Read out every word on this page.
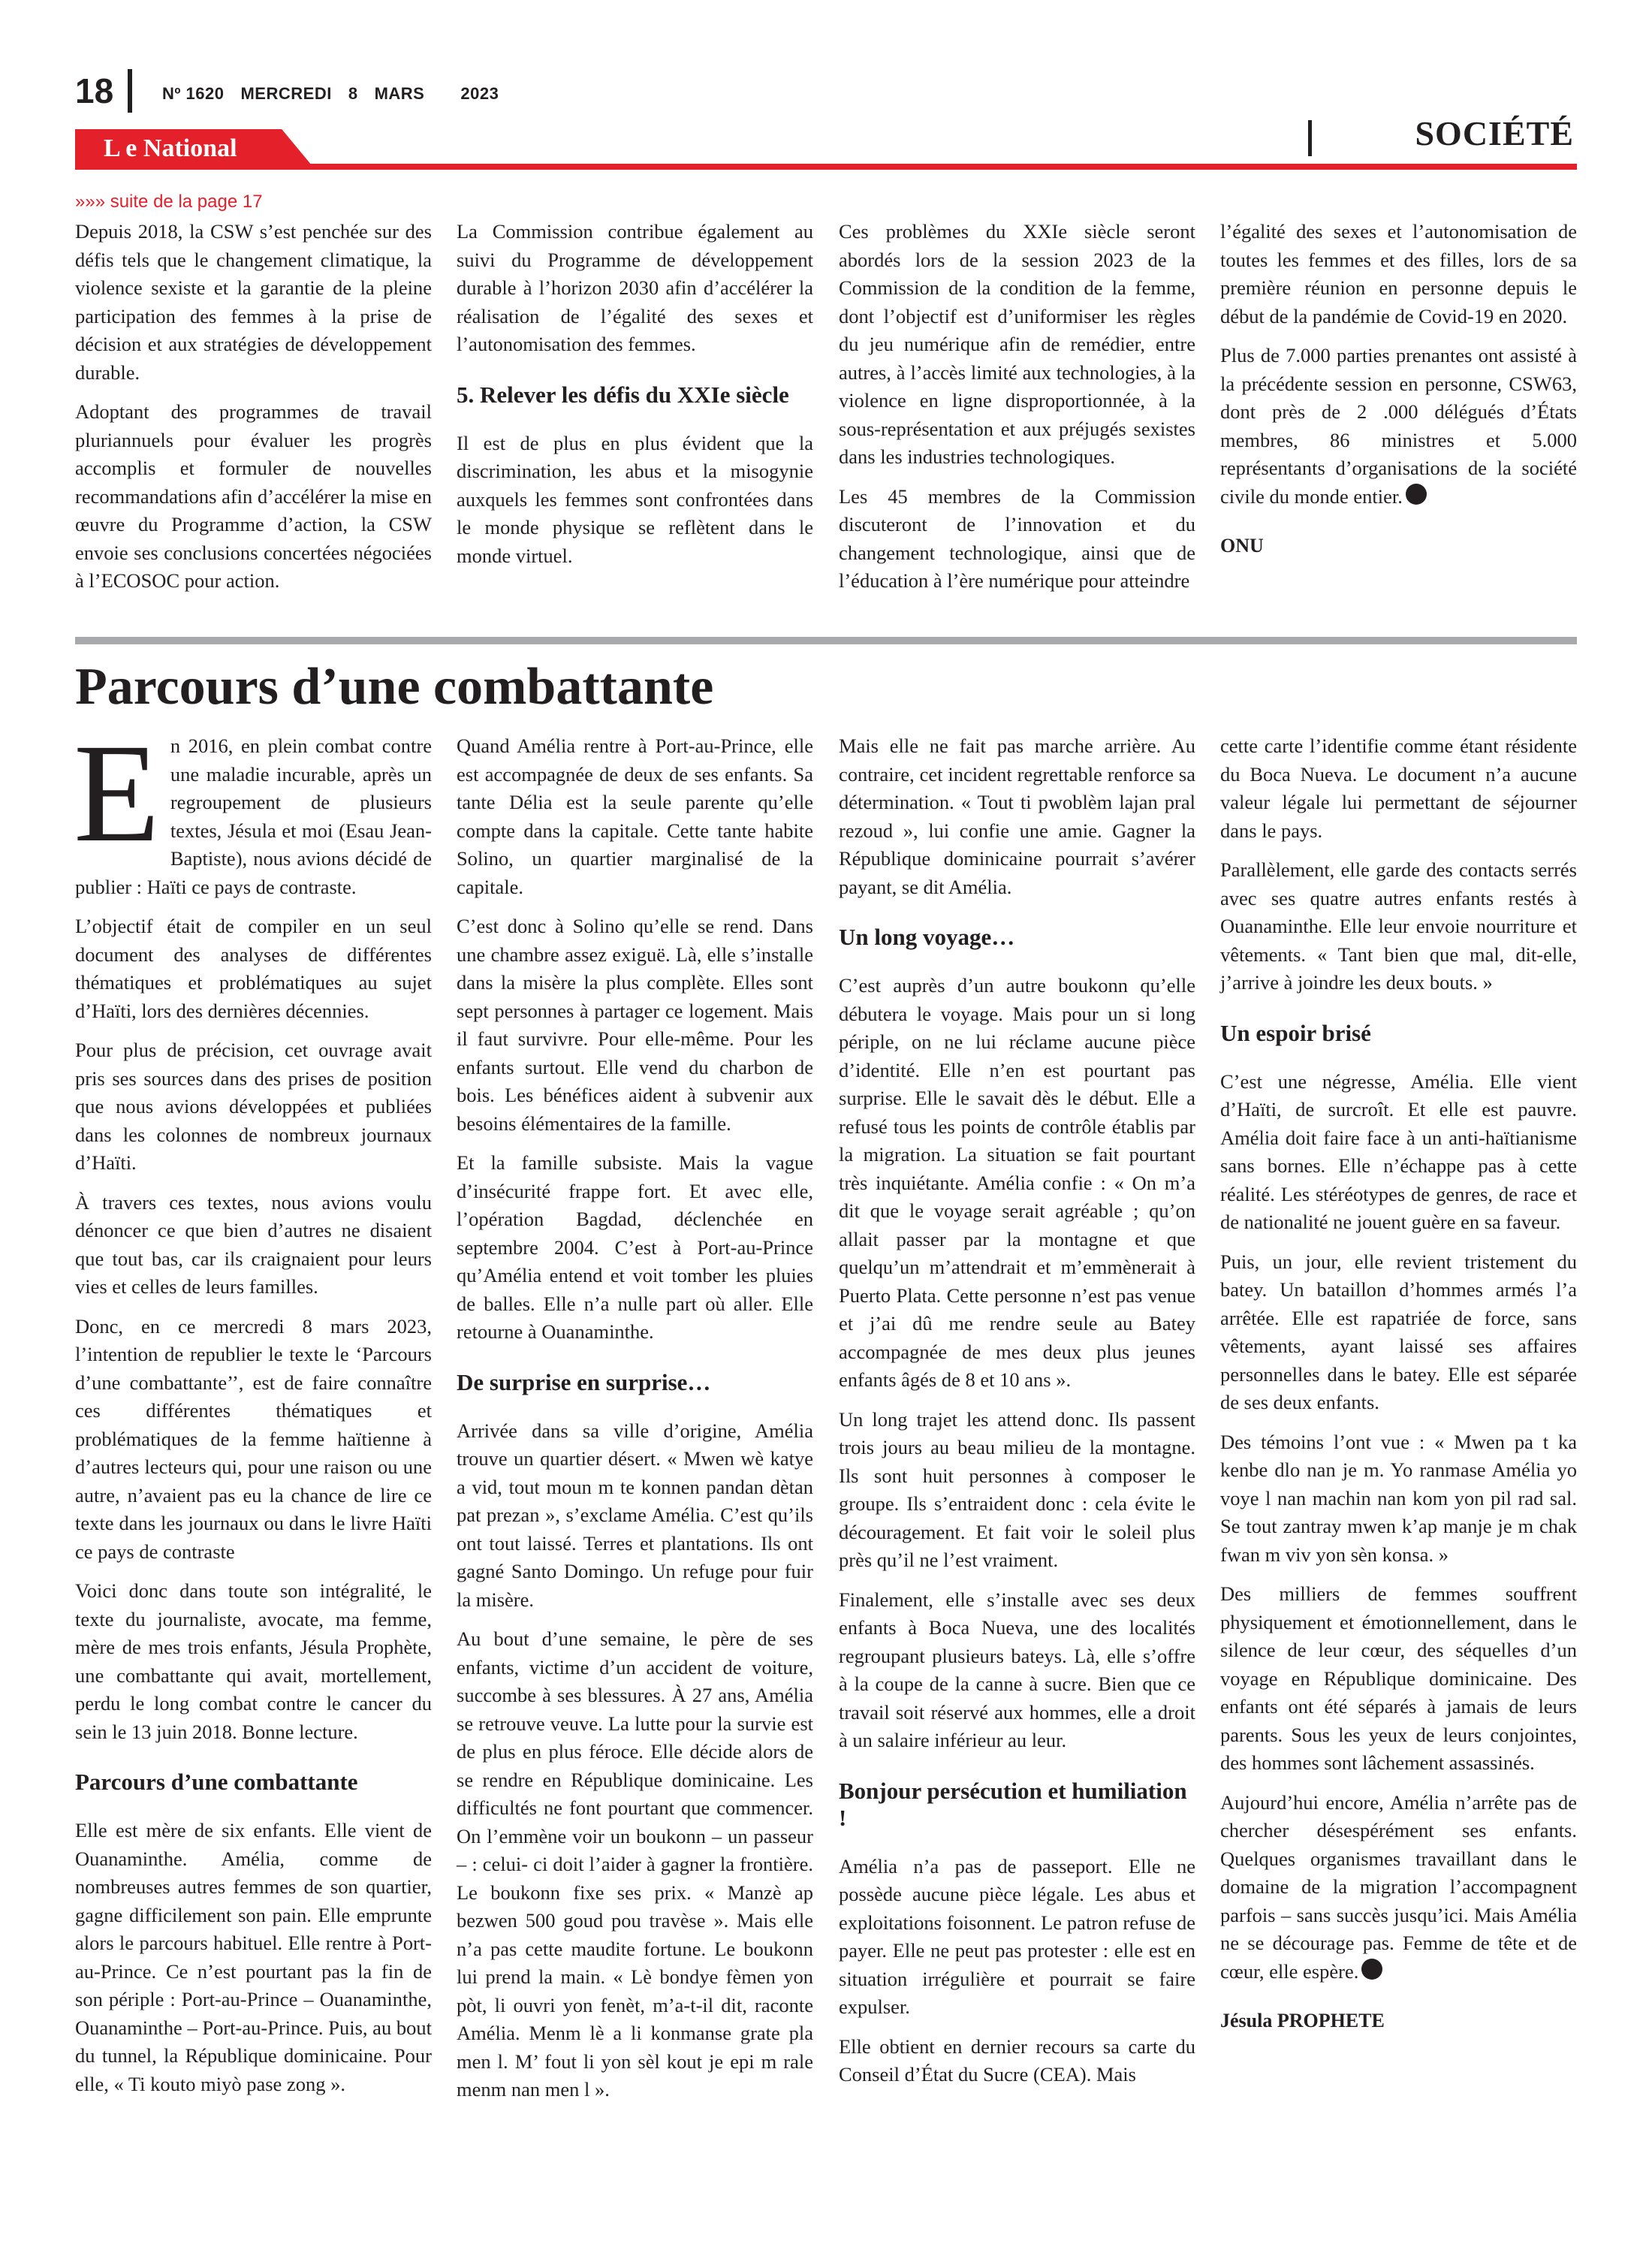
18	Nº 1620 MERCREDI 8 MARS 2023
L e National	SOCIÉTÉ
»»» suite de la page 17

Depuis 2018, la CSW s’est penchée sur des défis tels que le changement climatique, la violence sexiste et la garantie de la pleine participation des femmes à la prise de décision et aux stratégies de développement durable.

Adoptant des programmes de travail pluriannuels pour évaluer les progrès accomplis et formuler de nouvelles recommandations afin d’accélérer la mise en œuvre du Programme d’action, la CSW envoie ses conclusions concertées négociées à l’ECOSOC pour action.

La Commission contribue également au suivi du Programme de développement durable à l’horizon 2030 afin d’accélérer la réalisation de l’égalité des sexes et l’autonomisation des femmes.

5. Relever les défis du XXIe siècle

Il est de plus en plus évident que la discrimination, les abus et la misogynie auxquels les femmes sont confrontées dans le monde physique se reflètent dans le monde virtuel.

Ces problèmes du XXIe siècle seront abordés lors de la session 2023 de la Commission de la condition de la femme, dont l’objectif est d’uniformiser les règles du jeu numérique afin de remédier, entre autres, à l’accès limité aux technologies, à la violence en ligne disproportionnée, à la sous-représentation et aux préjugés sexistes dans les industries technologiques.

Les 45 membres de la Commission discuteront de l’innovation et du changement technologique, ainsi que de l’éducation à l’ère numérique pour atteindre

l’égalité des sexes et l’autonomisation de toutes les femmes et des filles, lors de sa première réunion en personne depuis le début de la pandémie de Covid-19 en 2020.

Plus de 7.000 parties prenantes ont assisté à la précédente session en personne, CSW63, dont près de 2 .000 délégués d’États membres, 86 ministres et 5.000 représentants d’organisations de la société civile du monde entier.

ONU
Parcours d’une combattante

En 2016, en plein combat contre une maladie incurable, après un regroupement de plusieurs textes, Jésula et moi (Esau Jean-Baptiste), nous avions décidé de publier : Haïti ce pays de contraste.

L’objectif était de compiler en un seul document des analyses de différentes thématiques et problématiques au sujet d’Haïti, lors des dernières décennies.

Pour plus de précision, cet ouvrage avait pris ses sources dans des prises de position que nous avions développées et publiées dans les colonnes de nombreux journaux d’Haïti.

À travers ces textes, nous avions voulu dénoncer ce que bien d’autres ne disaient que tout bas, car ils craignaient pour leurs vies et celles de leurs familles.

Donc, en ce mercredi 8 mars 2023, l’intention de republier le texte le ‘Parcours d’une combattante’’, est de faire connaître ces différentes thématiques et problématiques de la femme haïtienne à d’autres lecteurs qui, pour une raison ou une autre, n’avaient pas eu la chance de lire ce texte dans les journaux ou dans le livre Haïti ce pays de contraste

Voici donc dans toute son intégralité, le texte du journaliste, avocate, ma femme, mère de mes trois enfants, Jésula Prophète, une combattante qui avait, mortellement, perdu le long combat contre le cancer du sein le 13 juin 2018. Bonne lecture.

Parcours d’une combattante

Elle est mère de six enfants. Elle vient de Ouanaminthe. Amélia, comme de nombreuses autres femmes de son quartier, gagne difficilement son pain. Elle emprunte alors le parcours habituel. Elle rentre à Port-au-Prince. Ce n’est pourtant pas la fin de son périple : Port-au-Prince – Ouanaminthe, Ouanaminthe – Port-au-Prince. Puis, au bout du tunnel, la République dominicaine. Pour elle, « Ti kouto miyò pase zong ».

Quand Amélia rentre à Port-au-Prince, elle est accompagnée de deux de ses enfants. Sa tante Délia est la seule parente qu’elle compte dans la capitale. Cette tante habite Solino, un quartier marginalisé de la capitale.

C’est donc à Solino qu’elle se rend. Dans une chambre assez exiguë. Là, elle s’installe dans la misère la plus complète. Elles sont sept personnes à partager ce logement. Mais il faut survivre. Pour elle-même. Pour les enfants surtout. Elle vend du charbon de bois. Les bénéfices aident à subvenir aux besoins élémentaires de la famille.

Et la famille subsiste. Mais la vague d’insécurité frappe fort. Et avec elle, l’opération Bagdad, déclenchée en septembre 2004. C’est à Port-au-Prince qu’Amélia entend et voit tomber les pluies de balles. Elle n’a nulle part où aller. Elle retourne à Ouanaminthe.

De surprise en surprise…

Arrivée dans sa ville d’origine, Amélia trouve un quartier désert. « Mwen wè katye a vid, tout moun m te konnen pandan dètan pat prezan », s’exclame Amélia. C’est qu’ils ont tout laissé. Terres et plantations. Ils ont gagné Santo Domingo. Un refuge pour fuir la misère.

Au bout d’une semaine, le père de ses enfants, victime d’un accident de voiture, succombe à ses blessures. À 27 ans, Amélia se retrouve veuve. La lutte pour la survie est de plus en plus féroce. Elle décide alors de se rendre en République dominicaine. Les difficultés ne font pourtant que commencer. On l’emmène voir un boukonn – un passeur – : celui- ci doit l’aider à gagner la frontière. Le boukonn fixe ses prix. « Manzè ap bezwen 500 goud pou travèse ». Mais elle n’a pas cette maudite fortune. Le boukonn lui prend la main. « Lè bondye fèmen yon pòt, li ouvri yon fenèt, m’a-t-il dit, raconte Amélia. Menm lè a li konmanse grate pla men l. M’ fout li yon sèl kout je epi m rale menm nan men l ».

Mais elle ne fait pas marche arrière. Au contraire, cet incident regrettable renforce sa détermination. « Tout ti pwoblèm lajan pral rezoud », lui confie une amie. Gagner la République dominicaine pourrait s’avérer payant, se dit Amélia.

Un long voyage…

C’est auprès d’un autre boukonn qu’elle débutera le voyage. Mais pour un si long périple, on ne lui réclame aucune pièce d’identité. Elle n’en est pourtant pas surprise. Elle le savait dès le début. Elle a refusé tous les points de contrôle établis par la migration. La situation se fait pourtant très inquiétante. Amélia confie : « On m’a dit que le voyage serait agréable ; qu’on allait passer par la montagne et que quelqu’un m’attendrait et m’emmènerait à Puerto Plata. Cette personne n’est pas venue et j’ai dû me rendre seule au Batey accompagnée de mes deux plus jeunes enfants âgés de 8 et 10 ans ».

Un long trajet les attend donc. Ils passent trois jours au beau milieu de la montagne. Ils sont huit personnes à composer le groupe. Ils s’entraident donc : cela évite le découragement. Et fait voir le soleil plus près qu’il ne l’est vraiment.

Finalement, elle s’installe avec ses deux enfants à Boca Nueva, une des localités regroupant plusieurs bateys. Là, elle s’offre à la coupe de la canne à sucre. Bien que ce travail soit réservé aux hommes, elle a droit à un salaire inférieur au leur.

Bonjour persécution et humiliation !

Amélia n’a pas de passeport. Elle ne possède aucune pièce légale. Les abus et exploitations foisonnent. Le patron refuse de payer. Elle ne peut pas protester : elle est en situation irrégulière et pourrait se faire expulser.

Elle obtient en dernier recours sa carte du Conseil d’État du Sucre (CEA). Mais

cette carte l’identifie comme étant résidente du Boca Nueva. Le document n’a aucune valeur légale lui permettant de séjourner dans le pays.

Parallèlement, elle garde des contacts serrés avec ses quatre autres enfants restés à Ouanaminthe. Elle leur envoie nourriture et vêtements. « Tant bien que mal, dit-elle, j’arrive à joindre les deux bouts. »

Un espoir brisé

C’est une négresse, Amélia. Elle vient d’Haïti, de surcroît. Et elle est pauvre. Amélia doit faire face à un anti-haïtianisme sans bornes. Elle n’échappe pas à cette réalité. Les stéréotypes de genres, de race et de nationalité ne jouent guère en sa faveur.

Puis, un jour, elle revient tristement du batey. Un bataillon d’hommes armés l’a arrêtée. Elle est rapatriée de force, sans vêtements, ayant laissé ses affaires personnelles dans le batey. Elle est séparée de ses deux enfants.

Des témoins l’ont vue : « Mwen pa t ka kenbe dlo nan je m. Yo ranmase Amélia yo voye l nan machin nan kom yon pil rad sal. Se tout zantray mwen k’ap manje je m chak fwan m viv yon sèn konsa. »

Des milliers de femmes souffrent physiquement et émotionnellement, dans le silence de leur cœur, des séquelles d’un voyage en République dominicaine. Des enfants ont été séparés à jamais de leurs parents. Sous les yeux de leurs conjointes, des hommes sont lâchement assassinés.

Aujourd’hui encore, Amélia n’arrête pas de chercher désespérément ses enfants. Quelques organismes travaillant dans le domaine de la migration l’accompagnent parfois – sans succès jusqu’ici. Mais Amélia ne se décourage pas. Femme de tête et de cœur, elle espère.

Jésula PROPHETE
